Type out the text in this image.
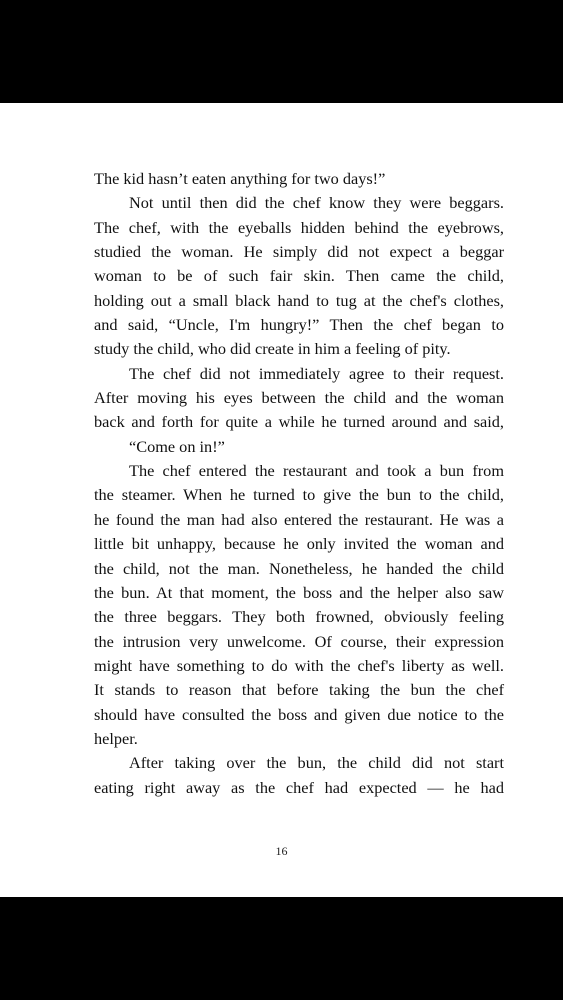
The kid hasn’t eaten anything for two days!”
Not until then did the chef know they were beggars.
The chef, with the eyeballs hidden behind the eyebrows,
studied the woman. He simply did not expect a beggar
woman to be of such fair skin. Then came the child,
holding out a small black hand to tug at the chef's clothes,
and said, “Uncle, I'm hungry!” Then the chef began to
study the child, who did create in him a feeling of pity.
The chef did not immediately agree to their request.
After moving his eyes between the child and the woman
back and forth for quite a while he turned around and said,
“Come on in!”
The chef entered the restaurant and took a bun from
the steamer. When he turned to give the bun to the child,
he found the man had also entered the restaurant. He was a
little bit unhappy, because he only invited the woman and
the child, not the man. Nonetheless, he handed the child
the bun. At that moment, the boss and the helper also saw
the three beggars. They both frowned, obviously feeling
the intrusion very unwelcome. Of course, their expression
might have something to do with the chef's liberty as well.
It stands to reason that before taking the bun the chef
should have consulted the boss and given due notice to the
helper.
After taking over the bun, the child did not start
eating right away as the chef had expected — he had
16
